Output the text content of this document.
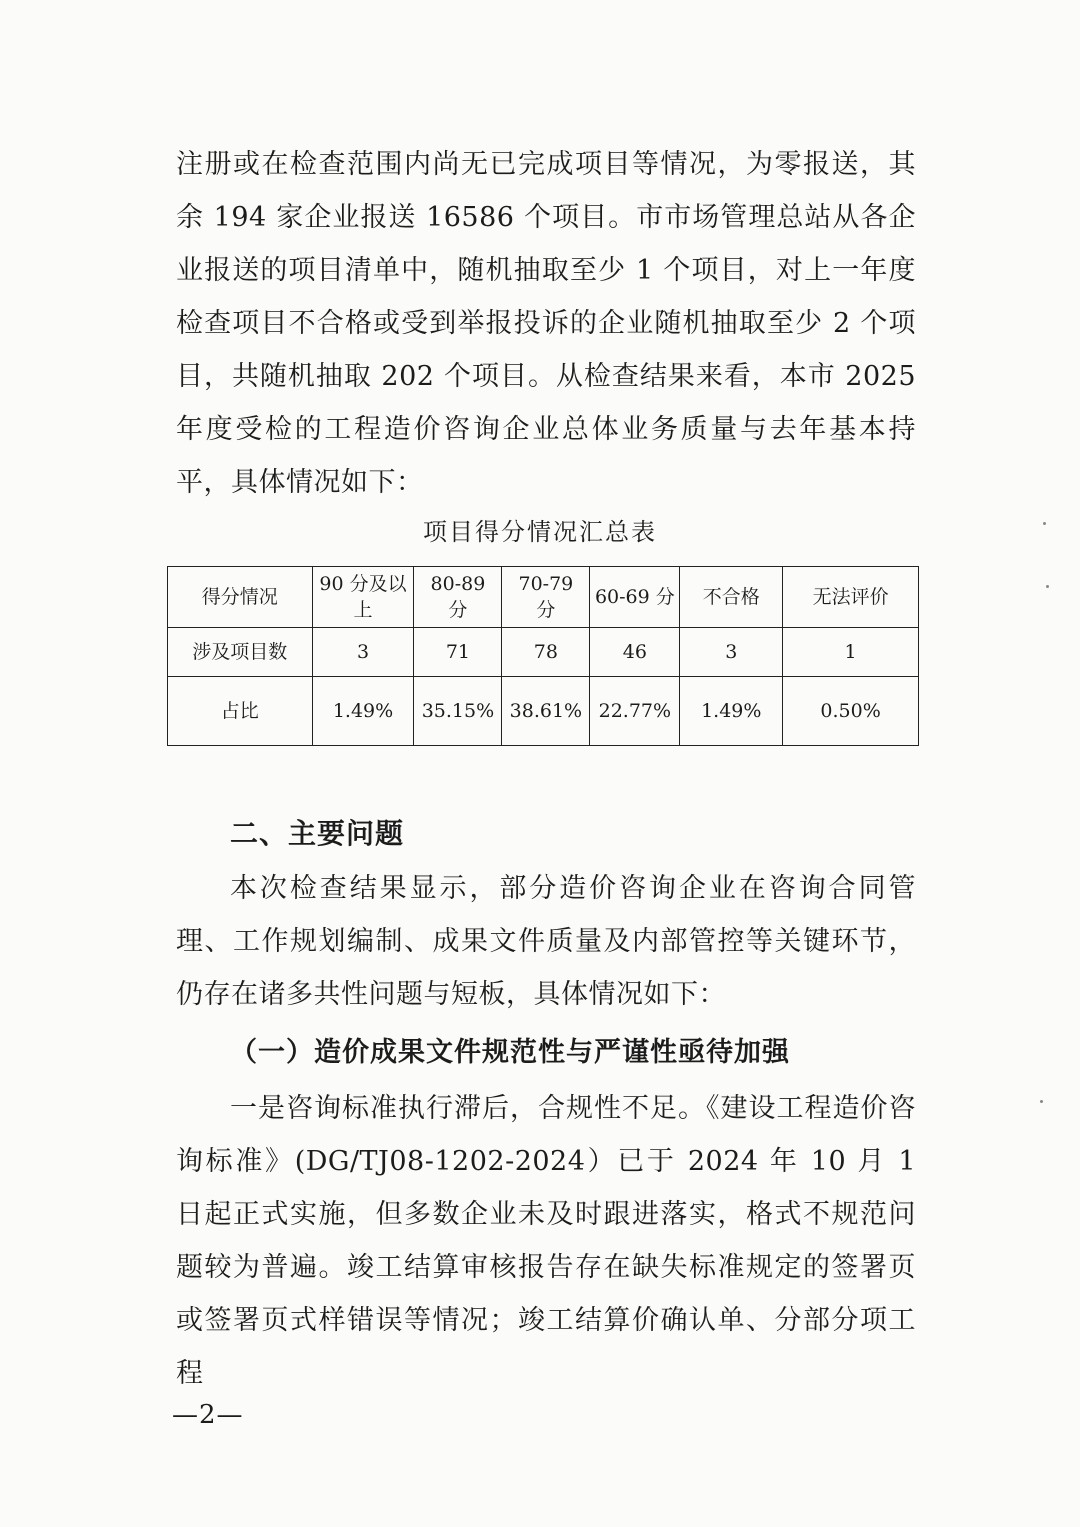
注册或在检查范围内尚无已完成项目等情况，为零报送，其余 194 家企业报送 16586 个项目。市市场管理总站从各企业报送的项目清单中，随机抽取至少 1 个项目，对上一年度检查项目不合格或受到举报投诉的企业随机抽取至少 2 个项目，共随机抽取 202 个项目。从检查结果来看，本市 2025 年度受检的工程造价咨询企业总体业务质量与去年基本持平，具体情况如下：
项目得分情况汇总表
得分情况	90 分及以上	80-89 分	70-79 分	60-69 分	不合格	无法评价
涉及项目数	3	71	78	46	3	1
占比	1.49%	35.15%	38.61%	22.77%	1.49%	0.50%
二、主要问题
本次检查结果显示，部分造价咨询企业在咨询合同管理、工作规划编制、成果文件质量及内部管控等关键环节，仍存在诸多共性问题与短板，具体情况如下：
（一）造价成果文件规范性与严谨性亟待加强
一是咨询标准执行滞后，合规性不足。《建设工程造价咨询标准》(DG/TJ08-1202-2024）已于 2024 年 10 月 1 日起正式实施，但多数企业未及时跟进落实，格式不规范问题较为普遍。竣工结算审核报告存在缺失标准规定的签署页或签署页式样错误等情况；竣工结算价确认单、分部分项工程
—2—
